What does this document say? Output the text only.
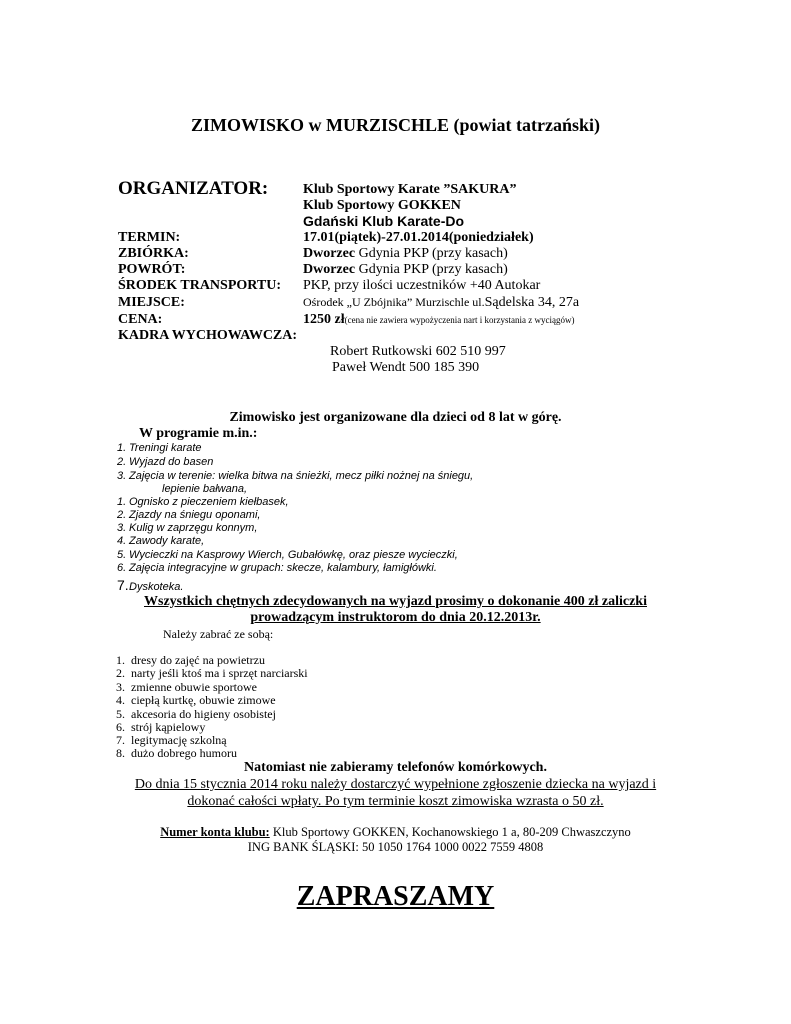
ZIMOWISKO w MURZISCHLE (powiat tatrzański)
ORGANIZATOR: Klub Sportowy Karate ”SAKURA”
Klub Sportowy GOKKEN
Gdański Klub Karate-Do
TERMIN:	17.01(piątek)-27.01.2014(poniedziałek)
ZBIÓRKA:	Dworzec Gdynia PKP (przy kasach)
POWRÓT:	Dworzec Gdynia PKP (przy kasach)
ŚRODEK TRANSPORTU: PKP, przy ilości uczestników +40 Autokar
MIEJSCE:	Ośrodek „U Zbójnika” Murzischle ul.Sądelska 34, 27a
CENA:	1250 zł(cena nie zawiera wypożyczenia nart i korzystania z wyciągów)
KADRA WYCHOWAWCZA:
Robert Rutkowski 602 510 997
Paweł Wendt 500 185 390
Zimowisko jest organizowane dla dzieci od 8 lat w górę.
W programie m.in.:
1. Treningi karate
2. Wyjazd do basen
3. Zajęcia w terenie: wielka bitwa na śnieżki, mecz piłki nożnej na śniegu,
lepienie bałwana,
1. Ognisko z pieczeniem kiełbasek,
2. Zjazdy na śniegu oponami,
3. Kulig w zaprzęgu konnym,
4. Zawody karate,
5. Wycieczki na Kasprowy Wierch, Gubałówkę, oraz piesze wycieczki,
6. Zajęcia integracyjne w grupach: skecze, kalambury, łamigłówki.
7.Dyskoteka.
Wszystkich chętnych zdecydowanych na wyjazd prosimy o dokonanie 400 zł zaliczki
prowadzącym instruktorom do dnia 20.12.2013r.
Należy zabrać ze sobą:
1. dresy do zajęć na powietrzu
2. narty jeśli ktoś ma i sprzęt narciarski
3. zmienne obuwie sportowe
4. ciepłą kurtkę, obuwie zimowe
5. akcesoria do higieny osobistej
6. strój kąpielowy
7. legitymację szkolną
8. dużo dobrego humoru
Natomiast nie zabieramy telefonów komórkowych.
Do dnia 15 stycznia 2014 roku należy dostarczyć wypełnione zgłoszenie dziecka na wyjazd i
dokonać całości wpłaty. Po tym terminie koszt zimowiska wzrasta o 50 zł.
Numer konta klubu: Klub Sportowy GOKKEN, Kochanowskiego 1 a, 80-209 Chwaszczyno
ING BANK ŚLĄSKI: 50 1050 1764 1000 0022 7559 4808
ZAPRASZAMY
